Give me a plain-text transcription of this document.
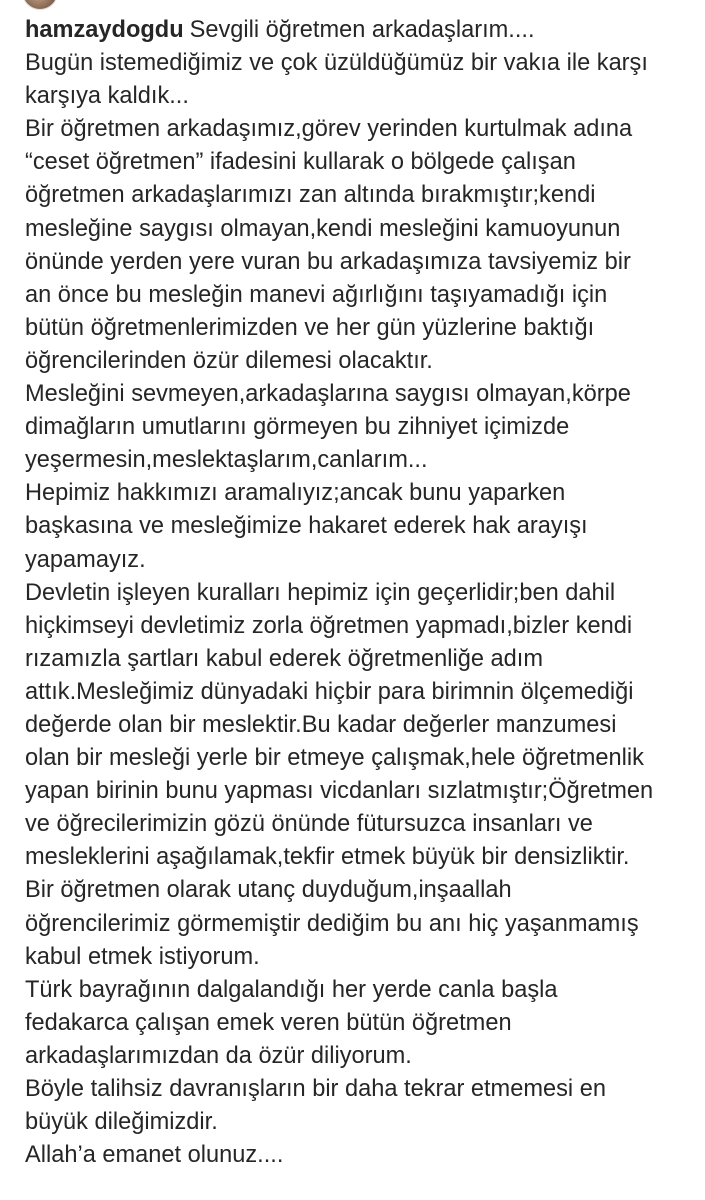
hamzaydogdu Sevgili öğretmen arkadaşlarım....
Bugün istemediğimiz ve çok üzüldüğümüz bir vakıa ile karşı
karşıya kaldık...
Bir öğretmen arkadaşımız,görev yerinden kurtulmak adına
“ceset öğretmen” ifadesini kullarak o bölgede çalışan
öğretmen arkadaşlarımızı zan altında bırakmıştır;kendi
mesleğine saygısı olmayan,kendi mesleğini kamuoyunun
önünde yerden yere vuran bu arkadaşımıza tavsiyemiz bir
an önce bu mesleğin manevi ağırlığını taşıyamadığı için
bütün öğretmenlerimizden ve her gün yüzlerine baktığı
öğrencilerinden özür dilemesi olacaktır.
Mesleğini sevmeyen,arkadaşlarına saygısı olmayan,körpe
dimağların umutlarını görmeyen bu zihniyet içimizde
yeşermesin,meslektaşlarım,canlarım...
Hepimiz hakkımızı aramalıyız;ancak bunu yaparken
başkasına ve mesleğimize hakaret ederek hak arayışı
yapamayız.
Devletin işleyen kuralları hepimiz için geçerlidir;ben dahil
hiçkimseyi devletimiz zorla öğretmen yapmadı,bizler kendi
rızamızla şartları kabul ederek öğretmenliğe adım
attık.Mesleğimiz dünyadaki hiçbir para birimnin ölçemediği
değerde olan bir meslektir.Bu kadar değerler manzumesi
olan bir mesleği yerle bir etmeye çalışmak,hele öğretmenlik
yapan birinin bunu yapması vicdanları sızlatmıştır;Öğretmen
ve öğrecilerimizin gözü önünde fütursuzca insanları ve
mesleklerini aşağılamak,tekfir etmek büyük bir densizliktir.
Bir öğretmen olarak utanç duyduğum,inşaallah
öğrencilerimiz görmemiştir dediğim bu anı hiç yaşanmamış
kabul etmek istiyorum.
Türk bayrağının dalgalandığı her yerde canla başla
fedakarca çalışan emek veren bütün öğretmen
arkadaşlarımızdan da özür diliyorum.
Böyle talihsiz davranışların bir daha tekrar etmemesi en
büyük dileğimizdir.
Allah’a emanet olunuz....
